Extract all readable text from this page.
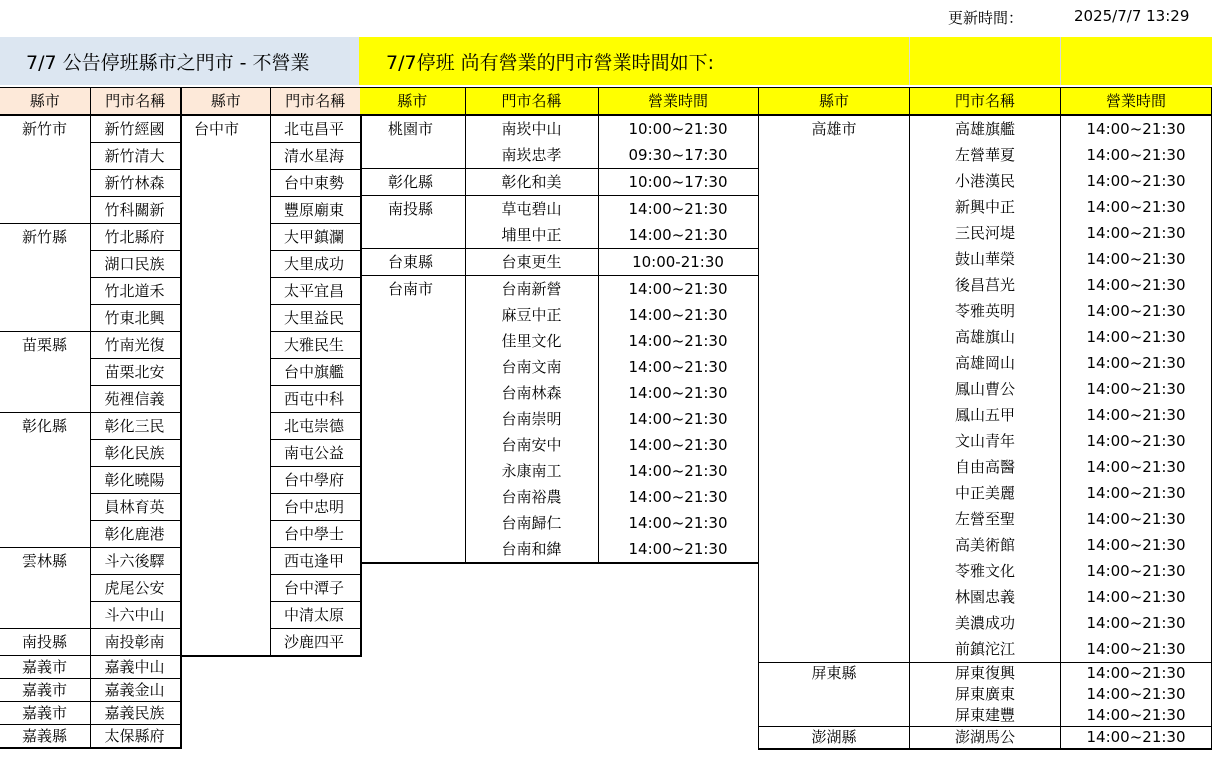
更新時間：	2025/7/7 13:29
7/7 公告停班縣市之門市 - 不營業	7/7停班 尚有營業的門市營業時間如下:
縣市	門市名稱
新竹市	新竹經國
	新竹清大
	新竹林森
	竹科關新
新竹縣	竹北縣府
	湖口民族
	竹北道禾
	竹東北興
苗栗縣	竹南光復
	苗栗北安
	苑裡信義
彰化縣	彰化三民
	彰化民族
	彰化曉陽
	員林育英
	彰化鹿港
雲林縣	斗六後驛
	虎尾公安
	斗六中山
南投縣	南投彰南
嘉義市	嘉義中山
嘉義市	嘉義金山
嘉義市	嘉義民族
嘉義縣	太保縣府
縣市	門市名稱
台中市	北屯昌平
	清水星海
	台中東勢
	豐原廟東
	大甲鎮瀾
	大里成功
	太平宜昌
	大里益民
	大雅民生
	台中旗艦
	西屯中科
	北屯崇德
	南屯公益
	台中學府
	台中忠明
	台中學士
	西屯逢甲
	台中潭子
	中清太原
	沙鹿四平
縣市	門市名稱	營業時間
桃園市	南崁中山	10:00~21:30
	南崁忠孝	09:30~17:30
彰化縣	彰化和美	10:00~17:30
南投縣	草屯碧山	14:00~21:30
	埔里中正	14:00~21:30
台東縣	台東更生	10:00-21:30
台南市	台南新營	14:00~21:30
	麻豆中正	14:00~21:30
	佳里文化	14:00~21:30
	台南文南	14:00~21:30
	台南林森	14:00~21:30
	台南崇明	14:00~21:30
	台南安中	14:00~21:30
	永康南工	14:00~21:30
	台南裕農	14:00~21:30
	台南歸仁	14:00~21:30
	台南和緯	14:00~21:30
縣市	門市名稱	營業時間
高雄市	高雄旗艦	14:00~21:30
	左營華夏	14:00~21:30
	小港漢民	14:00~21:30
	新興中正	14:00~21:30
	三民河堤	14:00~21:30
	鼓山華榮	14:00~21:30
	後昌莒光	14:00~21:30
	苓雅英明	14:00~21:30
	高雄旗山	14:00~21:30
	高雄岡山	14:00~21:30
	鳳山曹公	14:00~21:30
	鳳山五甲	14:00~21:30
	文山青年	14:00~21:30
	自由高醫	14:00~21:30
	中正美麗	14:00~21:30
	左營至聖	14:00~21:30
	高美術館	14:00~21:30
	苓雅文化	14:00~21:30
	林園忠義	14:00~21:30
	美濃成功	14:00~21:30
	前鎮沱江	14:00~21:30
屏東縣	屏東復興	14:00~21:30
	屏東廣東	14:00~21:30
	屏東建豐	14:00~21:30
澎湖縣	澎湖馬公	14:00~21:30
